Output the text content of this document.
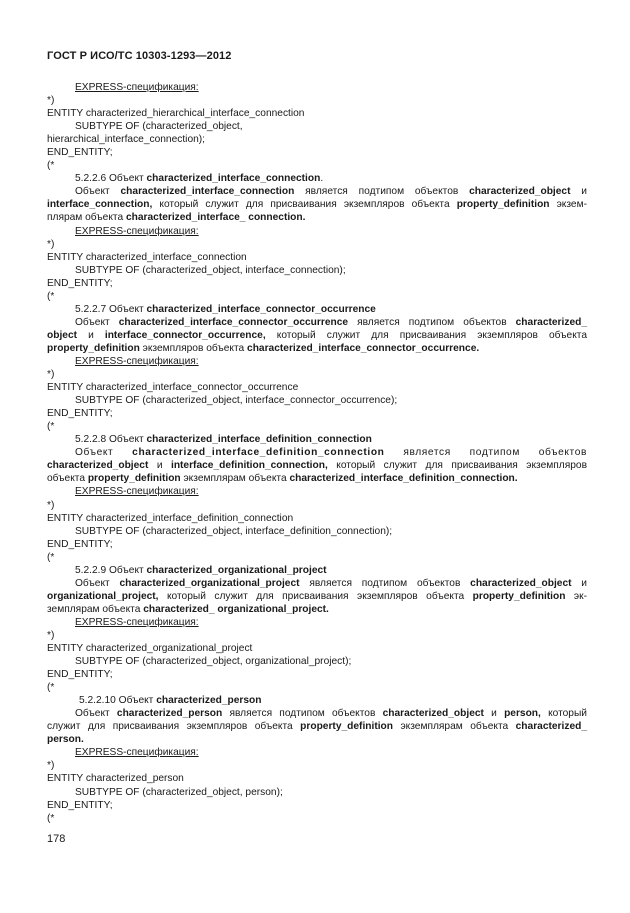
ГОСТ Р ИСО/ТС 10303-1293—2012
EXPRESS-спецификация:
*)
ENTITY characterized_hierarchical_interface_connection
SUBTYPE OF (characterized_object,
hierarchical_interface_connection);
END_ENTITY;
(*
5.2.2.6 Объект characterized_interface_connection.
Объект characterized_interface_connection является подтипом объектов characterized_object и
interface_connection, который служит для присваивания экземпляров объекта property_definition экзем-
плярам объекта characterized_interface_ connection.
EXPRESS-спецификация:
*)
ENTITY characterized_interface_connection
SUBTYPE OF (characterized_object, interface_connection);
END_ENTITY;
(*
5.2.2.7 Объект characterized_interface_connector_occurrence
Объект characterized_interface_connector_occurrence является подтипом объектов characterized_
object и interface_connector_occurrence, который служит для присваивания экземпляров объекта
property_definition экземпляров объекта characterized_interface_connector_occurrence.
EXPRESS-спецификация:
*)
ENTITY characterized_interface_connector_occurrence
SUBTYPE OF (characterized_object, interface_connector_occurrence);
END_ENTITY;
(*
5.2.2.8 Объект characterized_interface_definition_connection
Объект characterized_interface_definition_connection является подтипом объектов
characterized_object и interface_definition_connection, который служит для присваивания экземпляров
объекта property_definition экземплярам объекта characterized_interface_definition_connection.
EXPRESS-спецификация:
*)
ENTITY characterized_interface_definition_connection
SUBTYPE OF (characterized_object, interface_definition_connection);
END_ENTITY;
(*
5.2.2.9 Объект characterized_organizational_project
Объект characterized_organizational_project является подтипом объектов characterized_object и
organizational_project, который служит для присваивания экземпляров объекта property_definition эк-
земплярам объекта characterized_ organizational_project.
EXPRESS-спецификация:
*)
ENTITY characterized_organizational_project
SUBTYPE OF (characterized_object, organizational_project);
END_ENTITY;
(*
5.2.2.10 Объект characterized_person
Объект characterized_person является подтипом объектов characterized_object и person, который
служит для присваивания экземпляров объекта property_definition экземплярам объекта characterized_
person.
EXPRESS-спецификация:
*)
ENTITY characterized_person
SUBTYPE OF (characterized_object, person);
END_ENTITY;
(*
178
